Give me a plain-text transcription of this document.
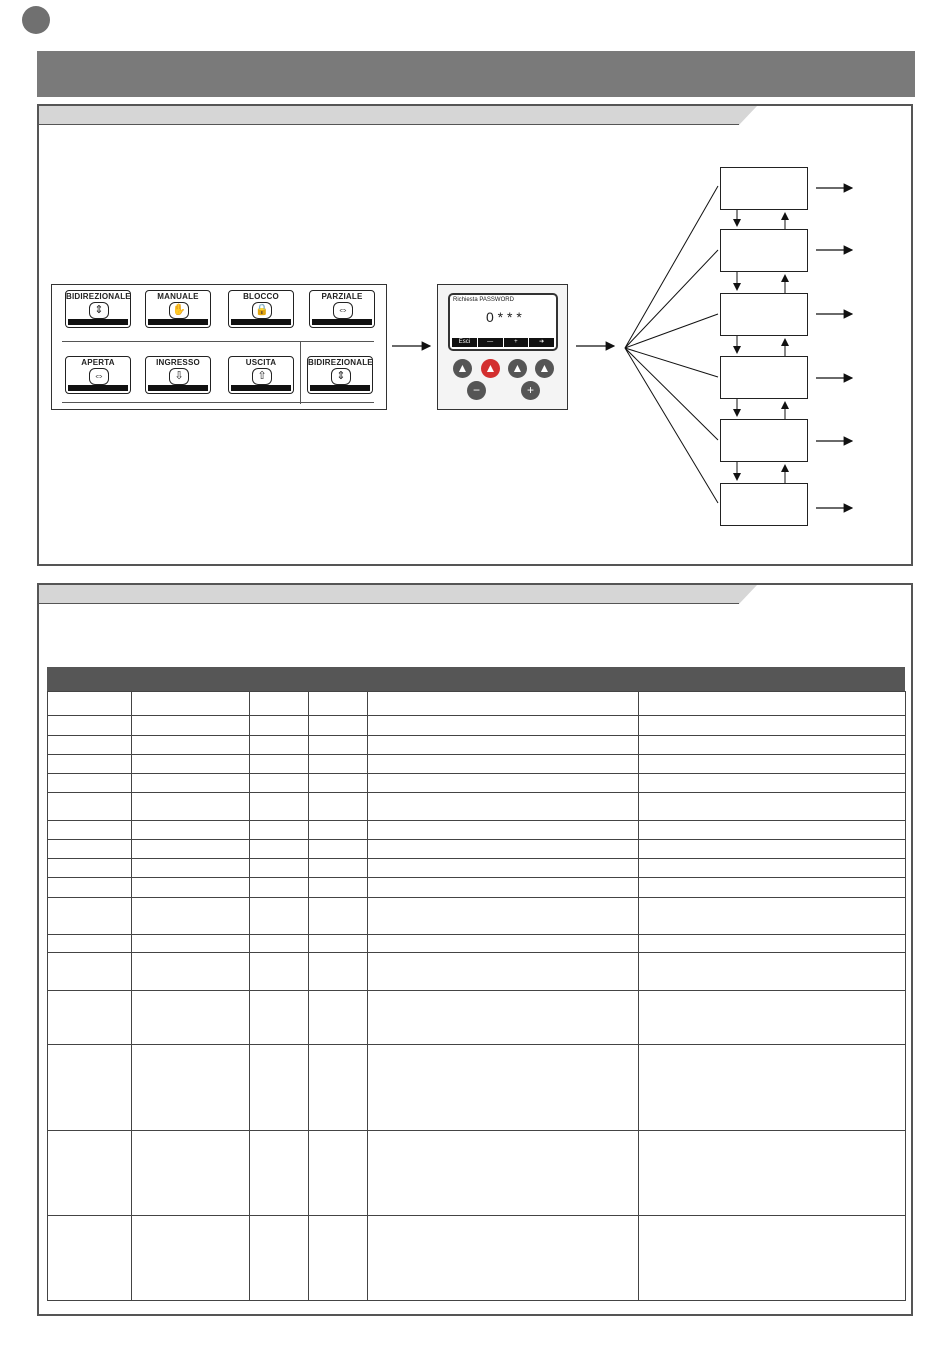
BIDIREZIONALE
⇕
MANUALE
✋
BLOCCO
🔒
PARZIALE
⇔
APERTA
⇔
INGRESSO
⇩
USCITA
⇧
BIDIREZIONALE
⇕
Richiesta PASSWORD
0 * * *
Esci	—	+	➔
▲ ▲ ▲ ▲
−	+
